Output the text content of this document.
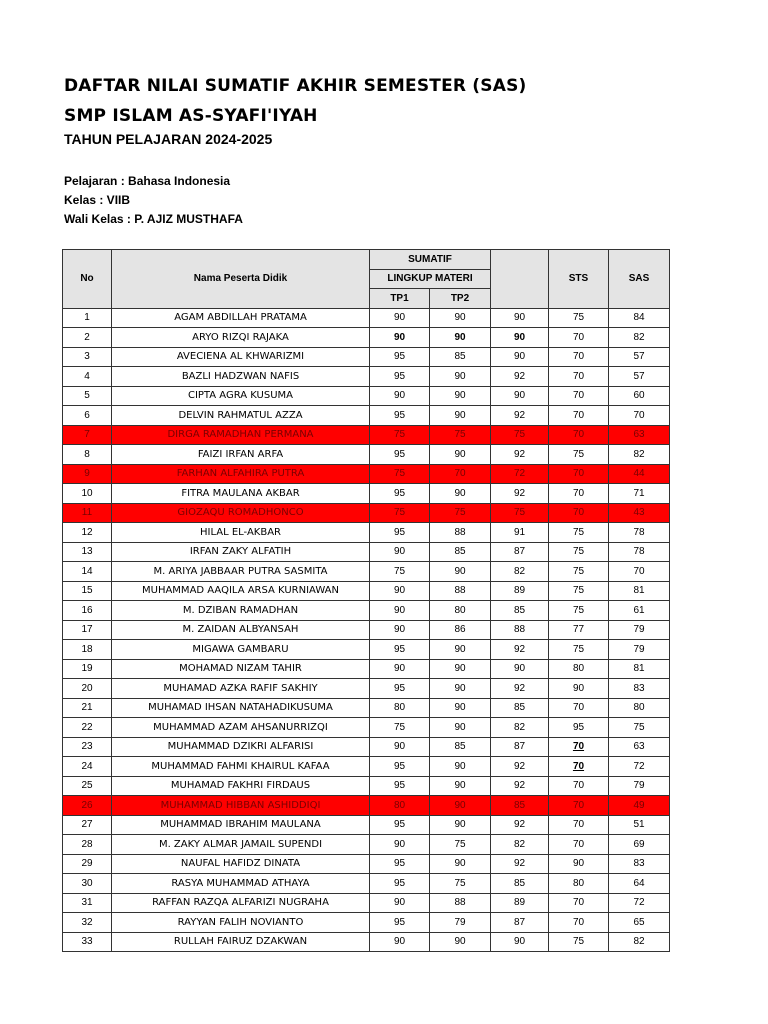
DAFTAR NILAI SUMATIF AKHIR SEMESTER (SAS)
SMP ISLAM AS-SYAFI'IYAH
TAHUN PELAJARAN 2024-2025
Pelajaran : Bahasa Indonesia
Kelas : VIIB
Wali Kelas : P. AJIZ MUSTHAFA
No	Nama Peserta Didik	SUMATIF			STS	SAS
		LINGKUP MATERI				
		TP1	TP2			
1	AGAM ABDILLAH PRATAMA	90	90	90	75	84
2	ARYO RIZQI RAJAKA	90	90	90	70	82
3	AVECIENA AL KHWARIZMI	95	85	90	70	57
4	BAZLI HADZWAN NAFIS	95	90	92	70	57
5	CIPTA AGRA KUSUMA	90	90	90	70	60
6	DELVIN RAHMATUL AZZA	95	90	92	70	70
7	DIRGA RAMADHAN PERMANA	75	75	75	70	63
8	FAIZI IRFAN ARFA	95	90	92	75	82
9	FARHAN ALFAHIRA PUTRA	75	70	72	70	44
10	FITRA MAULANA AKBAR	95	90	92	70	71
11	GIOZAQU ROMADHONCO	75	75	75	70	43
12	HILAL EL-AKBAR	95	88	91	75	78
13	IRFAN ZAKY ALFATIH	90	85	87	75	78
14	M. ARIYA JABBAAR PUTRA SASMITA	75	90	82	75	70
15	MUHAMMAD AAQILA ARSA KURNIAWAN	90	88	89	75	81
16	M. DZIBAN RAMADHAN	90	80	85	75	61
17	M. ZAIDAN ALBYANSAH	90	86	88	77	79
18	MIGAWA GAMBARU	95	90	92	75	79
19	MOHAMAD NIZAM TAHIR	90	90	90	80	81
20	MUHAMAD AZKA RAFIF SAKHIY	95	90	92	90	83
21	MUHAMAD IHSAN NATAHADIKUSUMA	80	90	85	70	80
22	MUHAMMAD AZAM AHSANURRIZQI	75	90	82	95	75
23	MUHAMMAD DZIKRI ALFARISI	90	85	87	70	63
24	MUHAMMAD FAHMI KHAIRUL KAFAA	95	90	92	70	72
25	MUHAMAD FAKHRI FIRDAUS	95	90	92	70	79
26	MUHAMMAD HIBBAN ASHIDDIQI	80	90	85	70	49
27	MUHAMMAD IBRAHIM MAULANA	95	90	92	70	51
28	M. ZAKY ALMAR JAMAIL SUPENDI	90	75	82	70	69
29	NAUFAL HAFIDZ DINATA	95	90	92	90	83
30	RASYA MUHAMMAD ATHAYA	95	75	85	80	64
31	RAFFAN RAZQA ALFARIZI NUGRAHA	90	88	89	70	72
32	RAYYAN FALIH NOVIANTO	95	79	87	70	65
33	RULLAH FAIRUZ DZAKWAN	90	90	90	75	82
